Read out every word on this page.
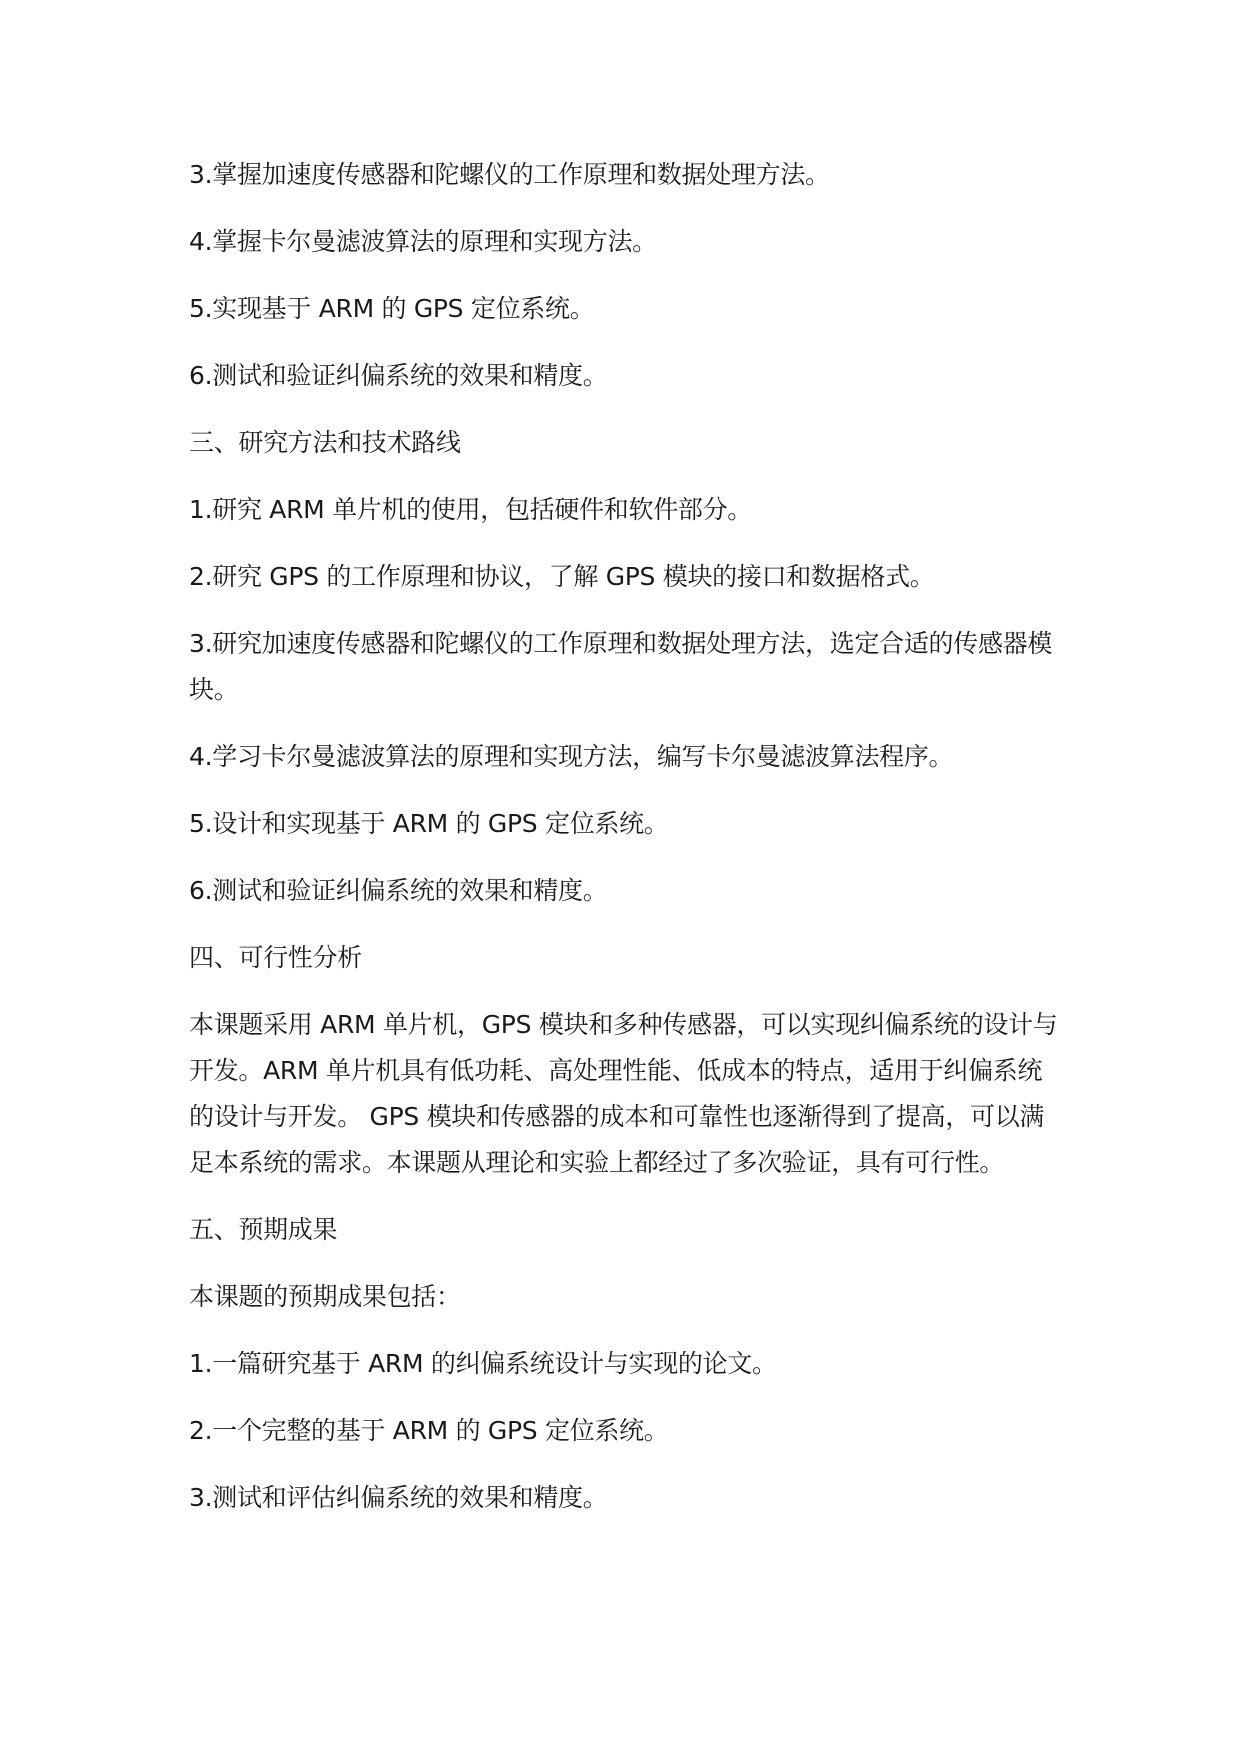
3.掌握加速度传感器和陀螺仪的工作原理和数据处理方法。

4.掌握卡尔曼滤波算法的原理和实现方法。

5.实现基于 ARM 的 GPS 定位系统。

6.测试和验证纠偏系统的效果和精度。

三、研究方法和技术路线

1.研究 ARM 单片机的使用，包括硬件和软件部分。

2.研究 GPS 的工作原理和协议，了解 GPS 模块的接口和数据格式。

3.研究加速度传感器和陀螺仪的工作原理和数据处理方法，选定合适的传感器模块。

4.学习卡尔曼滤波算法的原理和实现方法，编写卡尔曼滤波算法程序。

5.设计和实现基于 ARM 的 GPS 定位系统。

6.测试和验证纠偏系统的效果和精度。

四、可行性分析

本课题采用 ARM 单片机，GPS 模块和多种传感器，可以实现纠偏系统的设计与开发。ARM 单片机具有低功耗、高处理性能、低成本的特点，适用于纠偏系统的设计与开发。 GPS 模块和传感器的成本和可靠性也逐渐得到了提高，可以满足本系统的需求。本课题从理论和实验上都经过了多次验证，具有可行性。

五、预期成果

本课题的预期成果包括：

1.一篇研究基于 ARM 的纠偏系统设计与实现的论文。

2.一个完整的基于 ARM 的 GPS 定位系统。

3.测试和评估纠偏系统的效果和精度。
